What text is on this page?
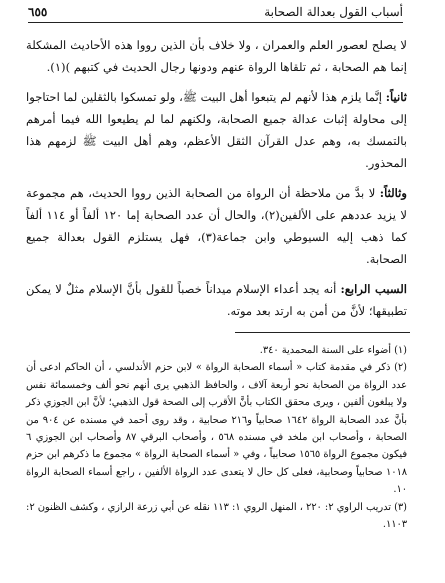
أسباب القول بعدالة الصحابة
٦٥٥

لا يصلح لعصور العلم والعمران ، ولا خلاف بأن الذين رووا هذه الأحاديث المشكلة إنما هم الصحابة ، ثم تلقاها الرواة عنهم ودونها رجال الحديث في كتبهم )(١).

ثانياً: إنَّما يلزم هذا لأنهم لم يتبعوا أهل البيت ﷺ، ولو تمسكوا بالثقلين لما احتاجوا إلى محاولة إثبات عدالة جميع الصحابة، ولكنهم لما لم يطيعوا الله فيما أمرهم بالتمسك به، وهم عدل القرآن الثقل الأعظم، وهم أهل البيت ﷺ لزمهم هذا المحذور.

وثالثاً: لا بدَّ من ملاحظة أن الرواة من الصحابة الذين رووا الحديث، هم مجموعة لا يزيد عددهم على الألفين(٢)، والحال أن عدد الصحابة إما ١٢٠ ألفاً أو ١١٤ ألفاً كما ذهب إليه السيوطي وابن جماعة(٣)، فهل يستلزم القول بعدالة جميع الصحابة.

السبب الرابع: أنه يجد أعداء الإسلام ميداناً خصباً للقول بأنَّ الإسلام مثلٌ لا يمكن تطبيقها؛ لأنَّ من أمن به ارتد بعد موته.

(١) أضواء على السنة المحمدية ٣٤٠.

(٢) ذكر في مقدمة كتاب « أسماء الصحابة الرواة » لابن حزم الأندلسي ، أن الحاكم ادعى أن عدد الرواة من الصحابة نحو أربعة آلاف ، والحافظ الذهبي يرى أنهم نحو ألف وخمسمائة نفس ولا يبلغون ألفين ، ويرى محقق الكتاب بأنَّ الأقرب إلى الصحة قول الذهبي؛ لأنَّ ابن الجوزي ذكر بأنَّ عدد الصحابة الرواة ١٦٤٢ صحابياً و٢١٦ صحابية ، وقد روى أحمد في مسنده عن ٩٠٤ من الصحابة ، وأصحاب ابن ملخد في مسنده ٥٦٨ ، وأصحاب البرقي ٨٧ وأصحاب ابن الجوزي ٦ فيكون مجموع الرواة ١٥٦٥ صحابياً ، وفي « أسماء الصحابة الرواة » مجموع ما ذكرهم ابن حزم ١٠١٨ صحابياً وصحابية، فعلى كل حال لا يتعدى عدد الرواة الألفين ، راجع أسماء الصحابة الرواة ١٠.

(٣) تدريب الراوي ٢: ٢٢٠ ، المنهل الروي ١: ١١٣ نقله عن أبي زرعة الرازي ، وكشف الظنون ٢: ١١٠٣.
